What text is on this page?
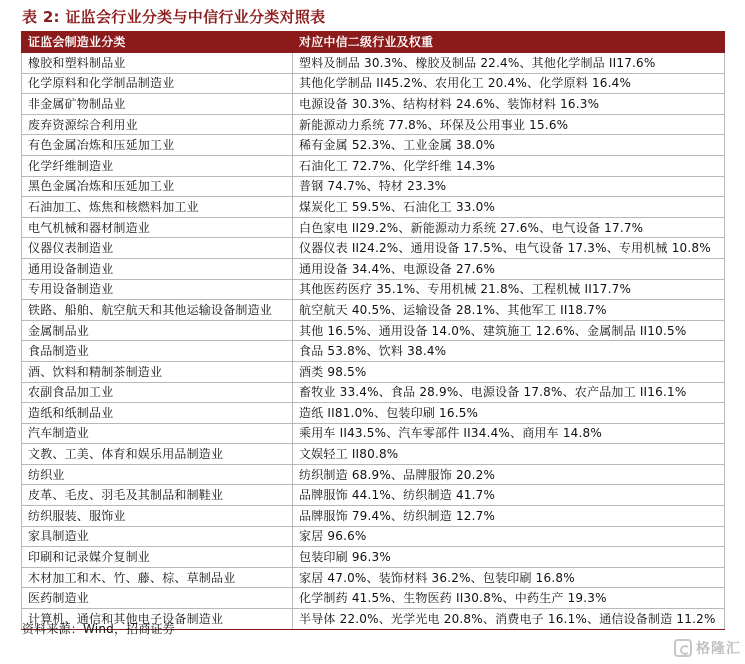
表 2: 证监会行业分类与中信行业分类对照表
证监会制造业分类	对应中信二级行业及权重
橡胶和塑料制品业	塑料及制品 30.3%、橡胶及制品 22.4%、其他化学制品 II17.6%
化学原料和化学制品制造业	其他化学制品 II45.2%、农用化工 20.4%、化学原料 16.4%
非金属矿物制品业	电源设备 30.3%、结构材料 24.6%、装饰材料 16.3%
废弃资源综合利用业	新能源动力系统 77.8%、环保及公用事业 15.6%
有色金属冶炼和压延加工业	稀有金属 52.3%、工业金属 38.0%
化学纤维制造业	石油化工 72.7%、化学纤维 14.3%
黑色金属冶炼和压延加工业	普钢 74.7%、特材 23.3%
石油加工、炼焦和核燃料加工业	煤炭化工 59.5%、石油化工 33.0%
电气机械和器材制造业	白色家电 II29.2%、新能源动力系统 27.6%、电气设备 17.7%
仪器仪表制造业	仪器仪表 II24.2%、通用设备 17.5%、电气设备 17.3%、专用机械 10.8%
通用设备制造业	通用设备 34.4%、电源设备 27.6%
专用设备制造业	其他医药医疗 35.1%、专用机械 21.8%、工程机械 II17.7%
铁路、船舶、航空航天和其他运输设备制造业	航空航天 40.5%、运输设备 28.1%、其他军工 II18.7%
金属制品业	其他 16.5%、通用设备 14.0%、建筑施工 12.6%、金属制品 II10.5%
食品制造业	食品 53.8%、饮料 38.4%
酒、饮料和精制茶制造业	酒类 98.5%
农副食品加工业	畜牧业 33.4%、食品 28.9%、电源设备 17.8%、农产品加工 II16.1%
造纸和纸制品业	造纸 II81.0%、包装印刷 16.5%
汽车制造业	乘用车 II43.5%、汽车零部件 II34.4%、商用车 14.8%
文教、工美、体育和娱乐用品制造业	文娱轻工 II80.8%
纺织业	纺织制造 68.9%、品牌服饰 20.2%
皮革、毛皮、羽毛及其制品和制鞋业	品牌服饰 44.1%、纺织制造 41.7%
纺织服装、服饰业	品牌服饰 79.4%、纺织制造 12.7%
家具制造业	家居 96.6%
印刷和记录媒介复制业	包装印刷 96.3%
木材加工和木、竹、藤、棕、草制品业	家居 47.0%、装饰材料 36.2%、包装印刷 16.8%
医药制造业	化学制药 41.5%、生物医药 II30.8%、中药生产 19.3%
计算机、通信和其他电子设备制造业	半导体 22.0%、光学光电 20.8%、消费电子 16.1%、通信设备制造 11.2%
资料来源：Wind，招商证券
格隆汇
